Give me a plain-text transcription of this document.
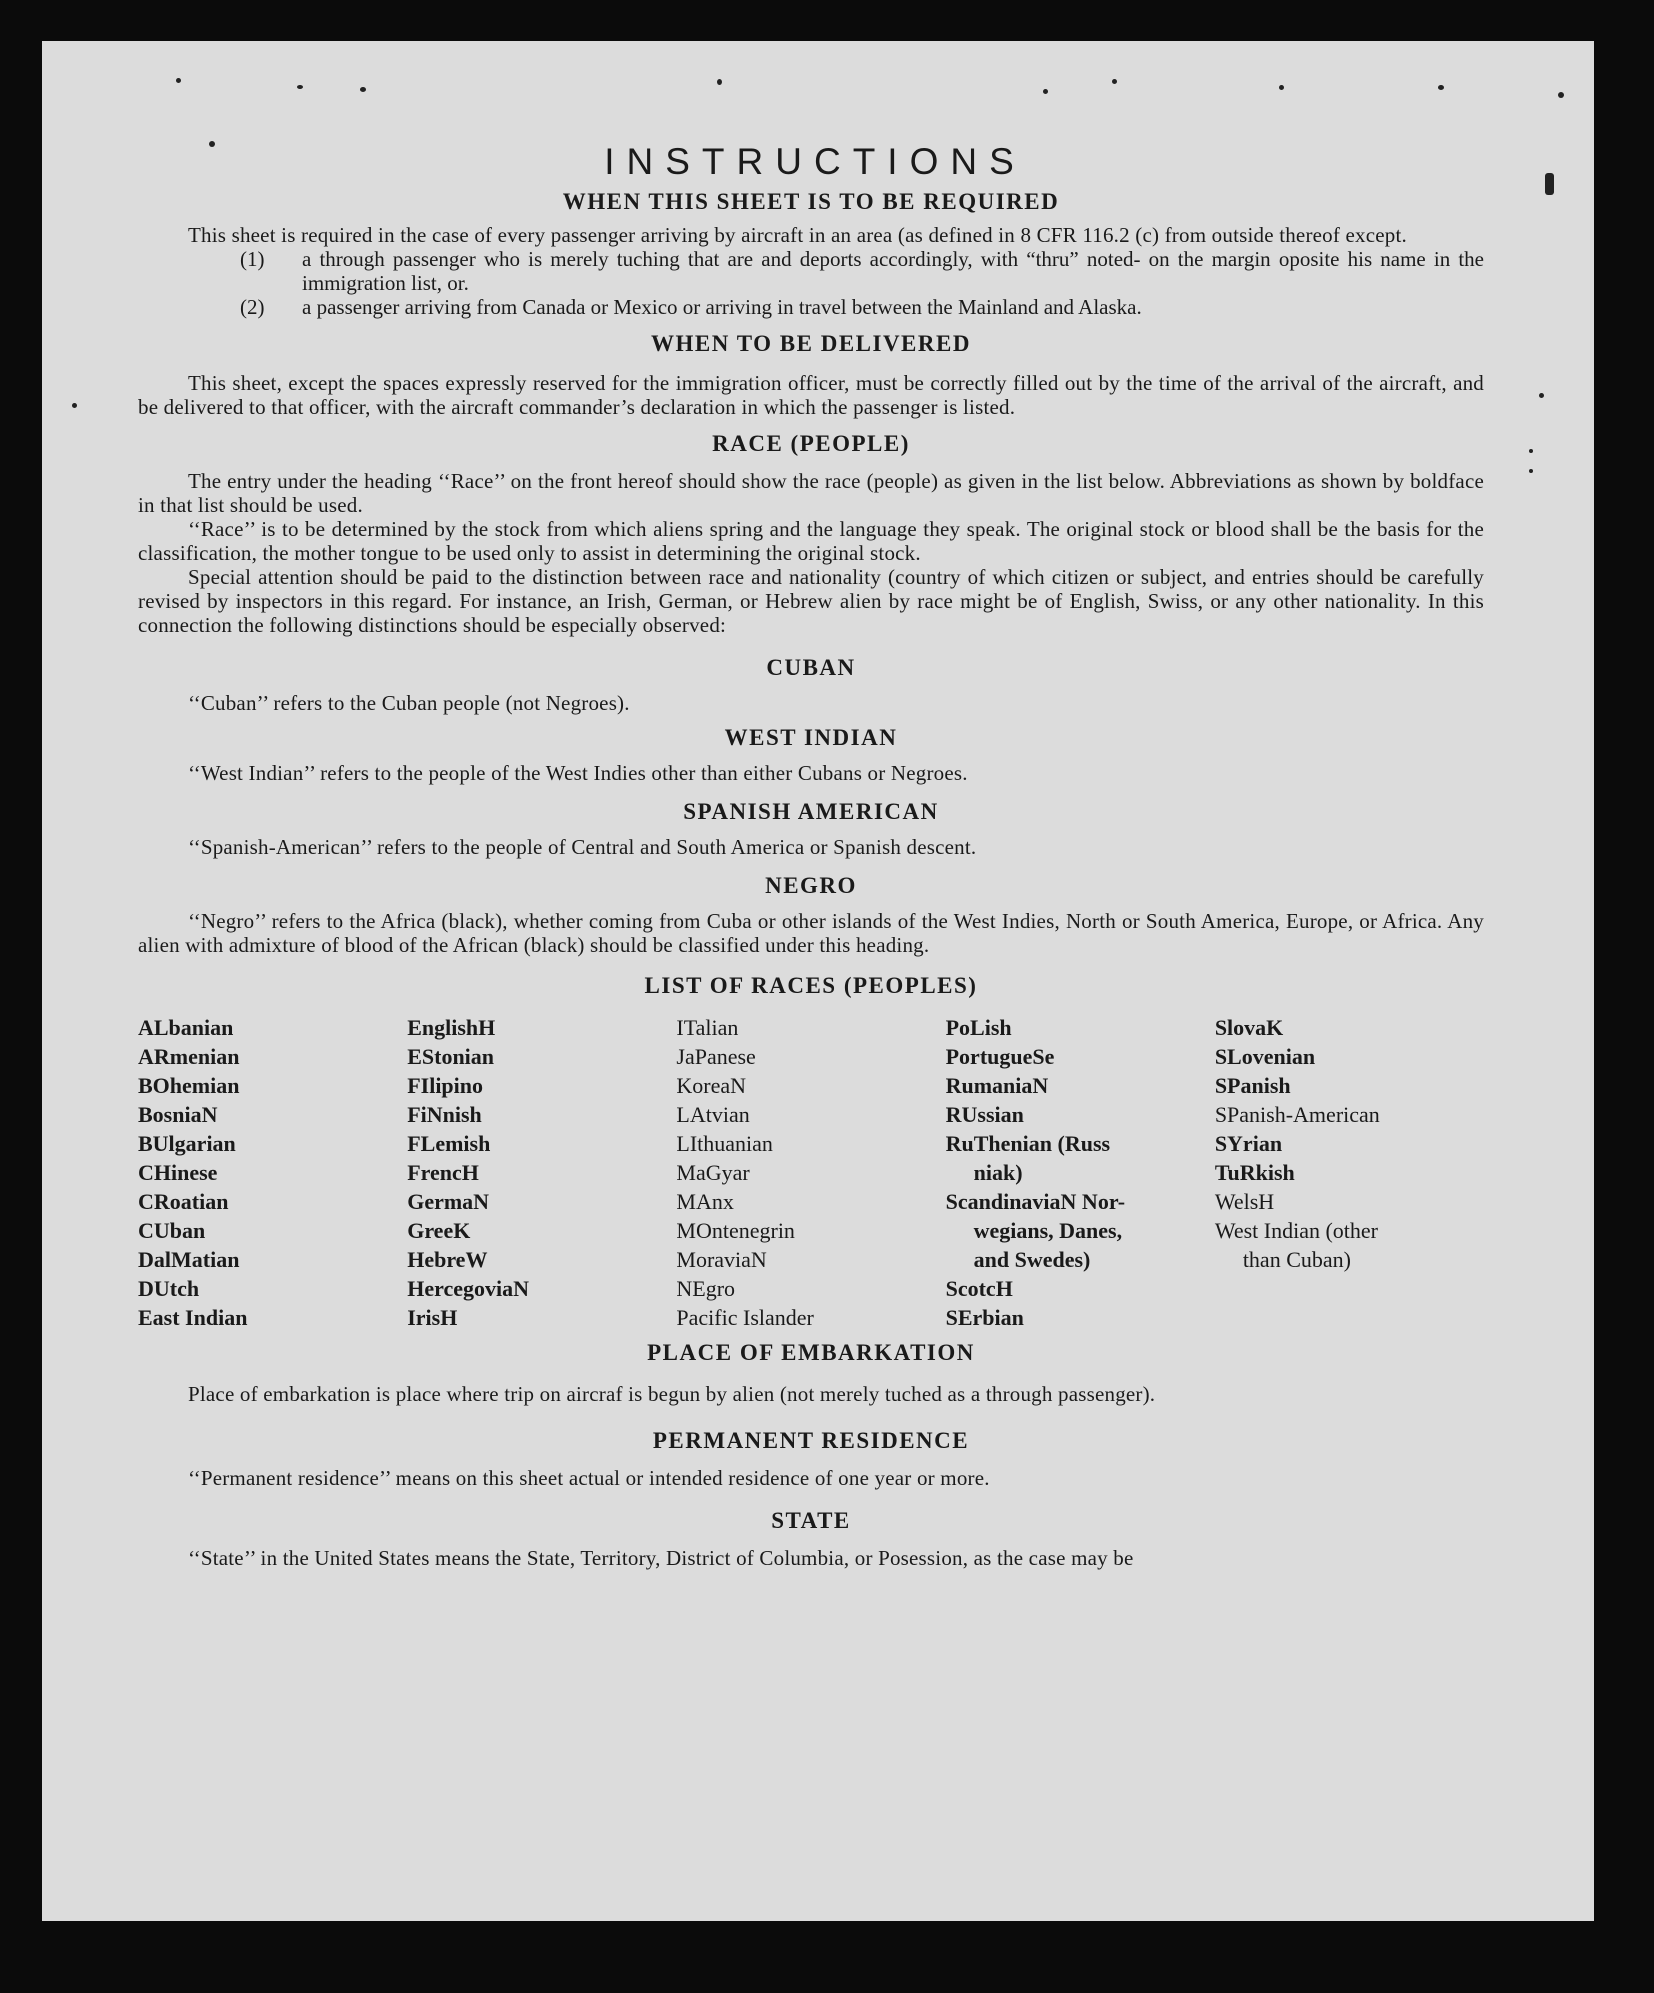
INSTRUCTIONS
WHEN THIS SHEET IS TO BE REQUIRED

This sheet is required in the case of every passenger arriving by aircraft in an area (as defined in 8 CFR 116.2 (c) from outside thereof except.

(1)	a through passenger who is merely tuching that are and deports accordingly, with “thru” noted- on the margin oposite his name in the immigration list, or.
(2)	a passenger arriving from Canada or Mexico or arriving in travel between the Mainland and Alaska.
WHEN TO BE DELIVERED

This sheet, except the spaces expressly reserved for the immigration officer, must be correctly filled out by the time of the arrival of the aircraft, and be delivered to that officer, with the aircraft commander’s declaration in which the passenger is listed.

RACE (PEOPLE)

The entry under the heading ‘‘Race’’ on the front hereof should show the race (people) as given in the list below. Abbreviations as shown by boldface in that list should be used.

‘‘Race’’ is to be determined by the stock from which aliens spring and the language they speak. The original stock or blood shall be the basis for the classification, the mother tongue to be used only to assist in determining the original stock.

Special attention should be paid to the distinction between race and nationality (country of which citizen or subject, and entries should be carefully revised by inspectors in this regard. For instance, an Irish, German, or Hebrew alien by race might be of English, Swiss, or any other nationality. In this connection the following distinctions should be especially observed:

CUBAN

‘‘Cuban’’ refers to the Cuban people (not Negroes).

WEST INDIAN

‘‘West Indian’’ refers to the people of the West Indies other than either Cubans or Negroes.

SPANISH AMERICAN

‘‘Spanish-American’’ refers to the people of Central and South America or Spanish descent.

NEGRO

‘‘Negro’’ refers to the Africa (black), whether coming from Cuba or other islands of the West Indies, North or South America, Europe, or Africa. Any alien with admixture of blood of the African (black) should be classified under this heading.

LIST OF RACES (PEOPLES)
ALbanian
ARmenian
BOhemian
BosniaN
BUlgarian
CHinese
CRoatian
CUban
DalMatian
DUtch
East Indian
EnglishH
EStonian
FIlipino
FiNnish
FLemish
FrencH
GermaN
GreeK
HebreW
HercegoviaN
IrisH
ITalian
JaPanese
KoreaN
LAtvian
LIthuanian
MaGyar
MAnx
MOntenegrin
MoraviaN
NEgro
Pacific Islander
PoLish
PortugueSe
RumaniaN
RUssian
RuThenian (Russ
niak)
ScandinaviaN Nor-
wegians, Danes,
and Swedes)
ScotcH
SErbian
SlovaK
SLovenian
SPanish
SPanish-American
SYrian
TuRkish
WelsH
West Indian (other
than Cuban)
PLACE OF EMBARKATION

Place of embarkation is place where trip on aircraf is begun by alien (not merely tuched as a through passenger).

PERMANENT RESIDENCE

‘‘Permanent residence’’ means on this sheet actual or intended residence of one year or more.

STATE

‘‘State’’ in the United States means the State, Territory, District of Columbia, or Posession, as the case may be
